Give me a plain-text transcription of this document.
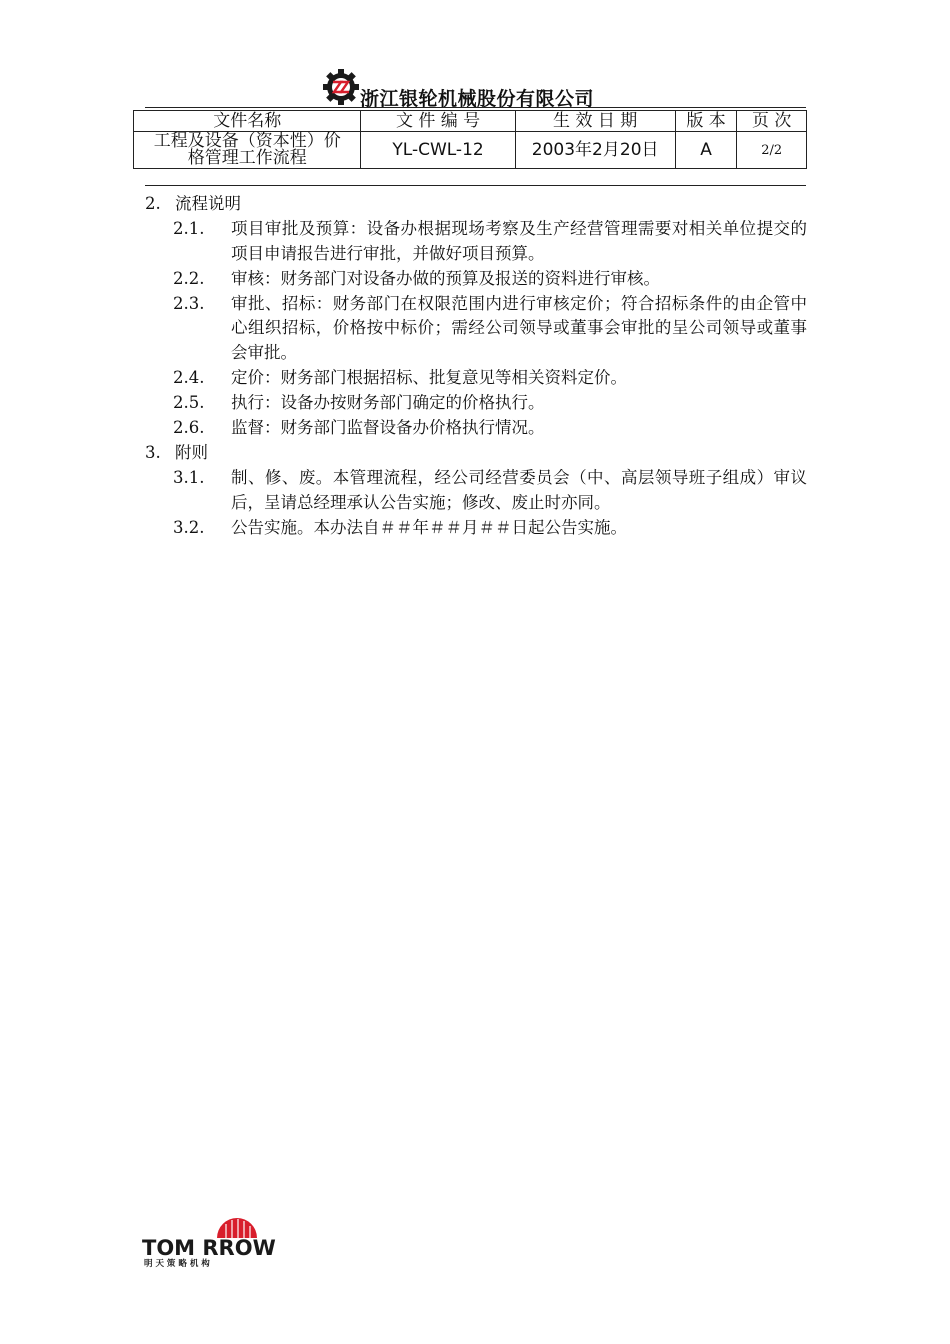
浙江银轮机械股份有限公司
文件名称	文 件 编 号	生 效 日 期	版 本	页 次

工程及设备（资本性）价
格管理工作流程	YL-CWL-12	2003年2月20日	A	2/2
2. 流程说明
2.1. 项目审批及预算：设备办根据现场考察及生产经营管理需要对相关单位提交的项目申请报告进行审批，并做好项目预算。
2.2. 审核：财务部门对设备办做的预算及报送的资料进行审核。
2.3. 审批、招标：财务部门在权限范围内进行审核定价；符合招标条件的由企管中心组织招标，价格按中标价；需经公司领导或董事会审批的呈公司领导或董事会审批。
2.4. 定价：财务部门根据招标、批复意见等相关资料定价。
2.5. 执行：设备办按财务部门确定的价格执行。
2.6. 监督：财务部门监督设备办价格执行情况。
3. 附则
3.1. 制、修、废。本管理流程，经公司经营委员会（中、高层领导班子组成）审议后，呈请总经理承认公告实施；修改、废止时亦同。
3.2. 公告实施。本办法自＃＃年＃＃月＃＃日起公告实施。
TOM RROW
明 天 策 略 机 构
